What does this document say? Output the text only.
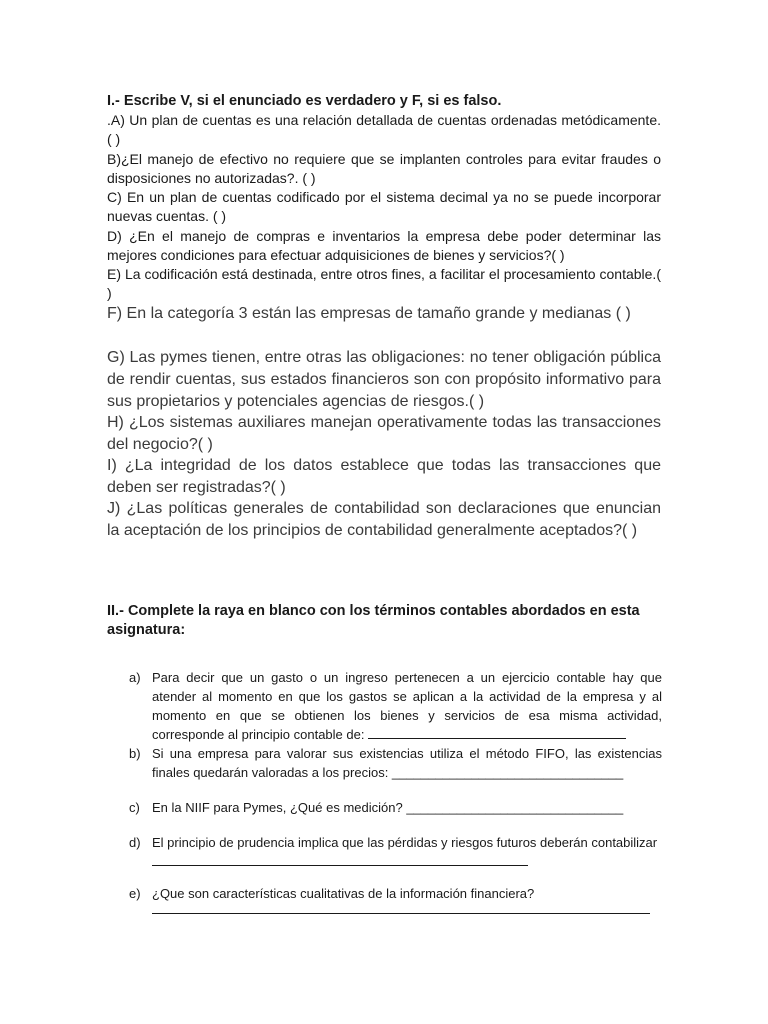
I.- Escribe V, si el enunciado es verdadero y F, si es falso.
.A) Un plan de cuentas es una relación detallada de cuentas ordenadas metódicamente. ( )
B)¿El manejo de efectivo no requiere que se implanten controles para evitar fraudes o disposiciones no autorizadas?. ( )
C) En un plan de cuentas codificado por el sistema decimal ya no se puede incorporar nuevas cuentas. ( )
D) ¿En el manejo de compras e inventarios la empresa debe poder determinar las mejores condiciones para efectuar adquisiciones de bienes y servicios?( )
E) La codificación está destinada, entre otros fines, a facilitar el procesamiento contable.( )
F) En la categoría 3 están las empresas de tamaño grande y medianas ( )
G) Las pymes tienen, entre otras las obligaciones: no tener obligación pública de rendir cuentas, sus estados financieros son con propósito informativo para sus propietarios y potenciales agencias de riesgos.( )
H) ¿Los sistemas auxiliares manejan operativamente todas las transacciones del negocio?( )
I) ¿La integridad de los datos establece que todas las transacciones que deben ser registradas?( )
J) ¿Las políticas generales de contabilidad son declaraciones que enuncian la aceptación de los principios de contabilidad generalmente aceptados?( )
II.- Complete la raya en blanco con los términos contables abordados en esta asignatura:
a) Para decir que un gasto o un ingreso pertenecen a un ejercicio contable hay que atender al momento en que los gastos se aplican a la actividad de la empresa y al momento en que se obtienen los bienes y servicios de esa misma actividad, corresponde al principio contable de:
b) Si una empresa para valorar sus existencias utiliza el método FIFO, las existencias finales quedarán valoradas a los precios: ________________________________
c) En la NIIF para Pymes, ¿Qué es medición? ______________________________
d) El principio de prudencia implica que las pérdidas y riesgos futuros deberán contabilizar
e) ¿Que son características cualitativas de la información financiera?
